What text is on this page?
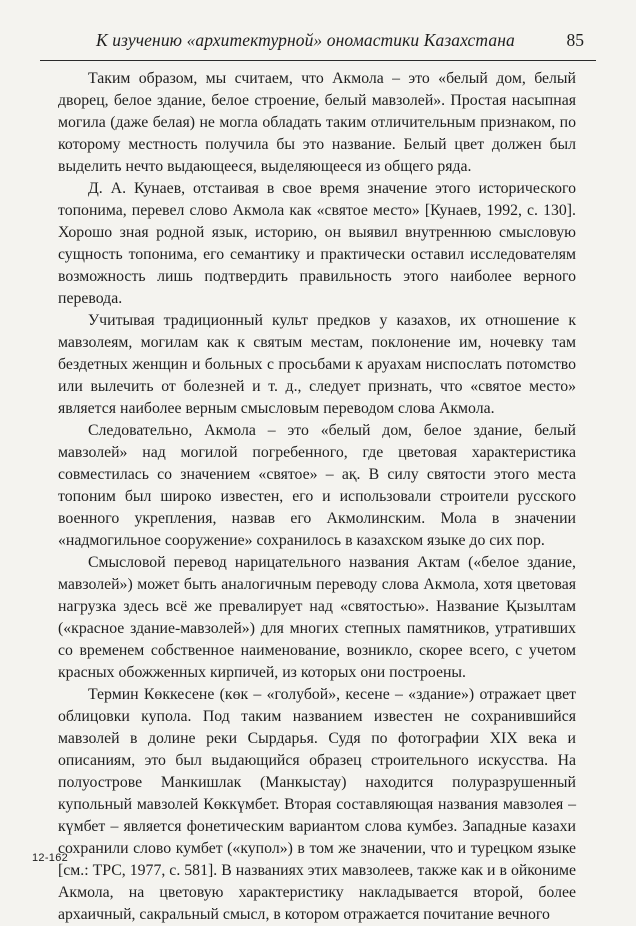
К изучению «архитектурной» ономастики Казахстана	85

Таким образом, мы считаем, что Акмола – это «белый дом, белый дворец, белое здание, белое строение, белый мавзолей». Простая насыпная могила (даже белая) не могла обладать таким отличительным признаком, по которому местность получила бы это название. Белый цвет должен был выделить нечто выдающееся, выделяющееся из общего ряда.

Д. А. Кунаев, отстаивая в свое время значение этого исторического топонима, перевел слово Акмола как «святое место» [Кунаев, 1992, с. 130]. Хорошо зная родной язык, историю, он выявил внутреннюю смысловую сущность топонима, его семантику и практически оставил исследователям возможность лишь подтвердить правильность этого наиболее верного перевода.

Учитывая традиционный культ предков у казахов, их отношение к мавзолеям, могилам как к святым местам, поклонение им, ночевку там бездетных женщин и больных с просьбами к аруахам ниспослать потомство или вылечить от болезней и т. д., следует признать, что «святое место» является наиболее верным смысловым переводом слова Акмола.

Следовательно, Акмола – это «белый дом, белое здание, белый мавзолей» над могилой погребенного, где цветовая характеристика совместилась со значением «святое» – ақ. В силу святости этого места топоним был широко известен, его и использовали строители русского военного укрепления, назвав его Акмолинским. Мола в значении «надмогильное сооружение» сохранилось в казахском языке до сих пор.

Смысловой перевод нарицательного названия Актам («белое здание, мавзолей») может быть аналогичным переводу слова Акмола, хотя цветовая нагрузка здесь всё же превалирует над «святостью». Название Қызылтам («красное здание-мавзолей») для многих степных памятников, утративших со временем собственное наименование, возникло, скорее всего, с учетом красных обожженных кирпичей, из которых они построены.

Термин Көккесене (көк – «голубой», кесене – «здание») отражает цвет облицовки купола. Под таким названием известен не сохранившийся мавзолей в долине реки Сырдарья. Судя по фотографии XIX века и описаниям, это был выдающийся образец строительного искусства. На полуострове Манкишлак (Манкыстау) находится полуразрушенный купольный мавзолей Көккүмбет. Вторая составляющая названия мавзолея – күмбет – является фонетическим вариантом слова кумбез. Западные казахи сохранили слово кумбет («купол») в том же значении, что и турецком языке [см.: ТРС, 1977, с. 581]. В названиях этих мавзолеев, также как и в ойкониме Акмола, на цветовую характеристику накладывается второй, более архаичный, сакральный смысл, в котором отражается почитание вечного

12-162
